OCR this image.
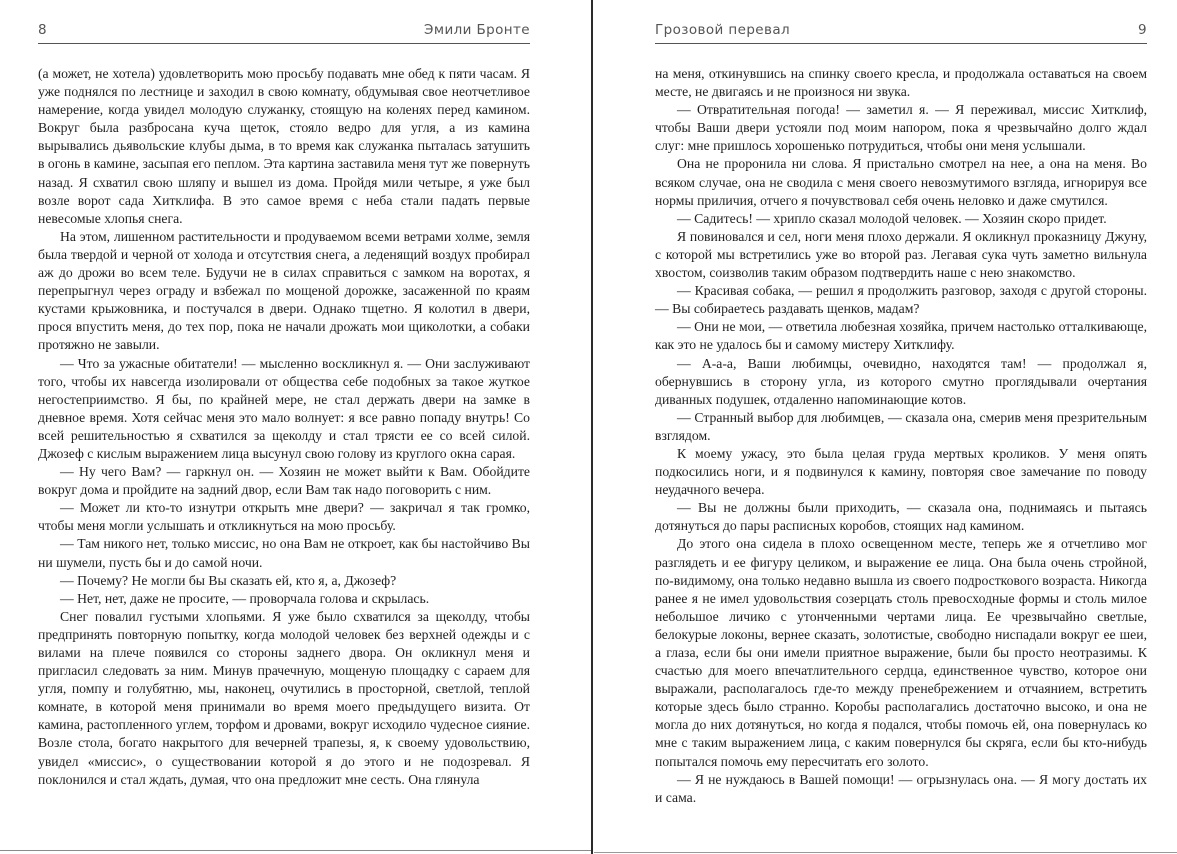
8	Эмили Бронте

(а может, не хотела) удовлетворить мою просьбу подавать мне обед к пяти часам. Я уже поднялся по лестнице и заходил в свою комнату, обдумывая свое неотчетливое намерение, когда увидел молодую служанку, стоящую на коленях перед камином. Вокруг была разбросана куча щеток, стояло ведро для угля, а из камина вырывались дьявольские клубы дыма, в то время как служанка пыталась затушить в огонь в камине, засыпая его пеплом. Эта картина заставила меня тут же повернуть назад. Я схватил свою шляпу и вышел из дома. Пройдя мили четыре, я уже был возле ворот сада Хитклифа. В это самое время с неба стали падать первые невесомые хлопья снега.

На этом, лишенном растительности и продуваемом всеми ветрами холме, земля была твердой и черной от холода и отсутствия снега, а леденящий воздух пробирал аж до дрожи во всем теле. Будучи не в силах справиться с замком на воротах, я перепрыгнул через ограду и взбежал по мощеной дорожке, засаженной по краям кустами крыжовника, и постучался в двери. Однако тщетно. Я колотил в двери, прося впустить меня, до тех пор, пока не начали дрожать мои щиколотки, а собаки протяжно не завыли.

— Что за ужасные обитатели! — мысленно воскликнул я. — Они заслуживают того, чтобы их навсегда изолировали от общества себе подобных за такое жуткое негостеприимство. Я бы, по крайней мере, не стал держать двери на замке в дневное время. Хотя сейчас меня это мало волнует: я все равно попаду внутрь! Со всей решительностью я схватился за щеколду и стал трясти ее со всей силой. Джозеф с кислым выражением лица высунул свою голову из круглого окна сарая.

— Ну чего Вам? — гаркнул он. — Хозяин не может выйти к Вам. Обойдите вокруг дома и пройдите на задний двор, если Вам так надо поговорить с ним.

— Может ли кто-то изнутри открыть мне двери? — закричал я так громко, чтобы меня могли услышать и откликнуться на мою просьбу.

— Там никого нет, только миссис, но она Вам не откроет, как бы настойчиво Вы ни шумели, пусть бы и до самой ночи.

— Почему? Не могли бы Вы сказать ей, кто я, а, Джозеф?

— Нет, нет, даже не просите, — проворчала голова и скрылась.

Снег повалил густыми хлопьями. Я уже было схватился за щеколду, чтобы предпринять повторную попытку, когда молодой человек без верхней одежды и с вилами на плече появился со стороны заднего двора. Он окликнул меня и пригласил следовать за ним. Минув прачечную, мощеную площадку с сараем для угля, помпу и голубятню, мы, наконец, очутились в просторной, светлой, теплой комнате, в которой меня принимали во время моего предыдущего визита. От камина, растопленного углем, торфом и дровами, вокруг исходило чудесное сияние. Возле стола, богато накрытого для вечерней трапезы, я, к своему удовольствию, увидел «миссис», о существовании которой я до этого и не подозревал. Я поклонился и стал ждать, думая, что она предложит мне сесть. Она глянула

Грозовой перевал	9

на меня, откинувшись на спинку своего кресла, и продолжала оставаться на своем месте, не двигаясь и не произнося ни звука.

— Отвратительная погода! — заметил я. — Я переживал, миссис Хитклиф, чтобы Ваши двери устояли под моим напором, пока я чрезвычайно долго ждал слуг: мне пришлось хорошенько потрудиться, чтобы они меня услышали.

Она не проронила ни слова. Я пристально смотрел на нее, а она на меня. Во всяком случае, она не сводила с меня своего невозмутимого взгляда, игнорируя все нормы приличия, отчего я почувствовал себя очень неловко и даже смутился.

— Садитесь! — хрипло сказал молодой человек. — Хозяин скоро придет.

Я повиновался и сел, ноги меня плохо держали. Я окликнул проказницу Джуну, с которой мы встретились уже во второй раз. Легавая сука чуть заметно вильнула хвостом, соизволив таким образом подтвердить наше с нею знакомство.

— Красивая собака, — решил я продолжить разговор, заходя с другой стороны. — Вы собираетесь раздавать щенков, мадам?

— Они не мои, — ответила любезная хозяйка, причем настолько отталкивающе, как это не удалось бы и самому мистеру Хитклифу.

— А-а-а, Ваши любимцы, очевидно, находятся там! — продолжал я, обернувшись в сторону угла, из которого смутно проглядывали очертания диванных подушек, отдаленно напоминающие котов.

— Странный выбор для любимцев, — сказала она, смерив меня презрительным взглядом.

К моему ужасу, это была целая груда мертвых кроликов. У меня опять подкосились ноги, и я подвинулся к камину, повторяя свое замечание по поводу неудачного вечера.

— Вы не должны были приходить, — сказала она, поднимаясь и пытаясь дотянуться до пары расписных коробов, стоящих над камином.

До этого она сидела в плохо освещенном месте, теперь же я отчетливо мог разглядеть и ее фигуру целиком, и выражение ее лица. Она была очень стройной, по-видимому, она только недавно вышла из своего подросткового возраста. Никогда ранее я не имел удовольствия созерцать столь превосходные формы и столь милое небольшое личико с утонченными чертами лица. Ее чрезвычайно светлые, белокурые локоны, вернее сказать, золотистые, свободно ниспадали вокруг ее шеи, а глаза, если бы они имели приятное выражение, были бы просто неотразимы. К счастью для моего впечатлительного сердца, единственное чувство, которое они выражали, располагалось где-то между пренебрежением и отчаянием, встретить которые здесь было странно. Коробы располагались достаточно высоко, и она не могла до них дотянуться, но когда я подался, чтобы помочь ей, она повернулась ко мне с таким выражением лица, с каким повернулся бы скряга, если бы кто-нибудь попытался помочь ему пересчитать его золото.

— Я не нуждаюсь в Вашей помощи! — огрызнулась она. — Я могу достать их и сама.
